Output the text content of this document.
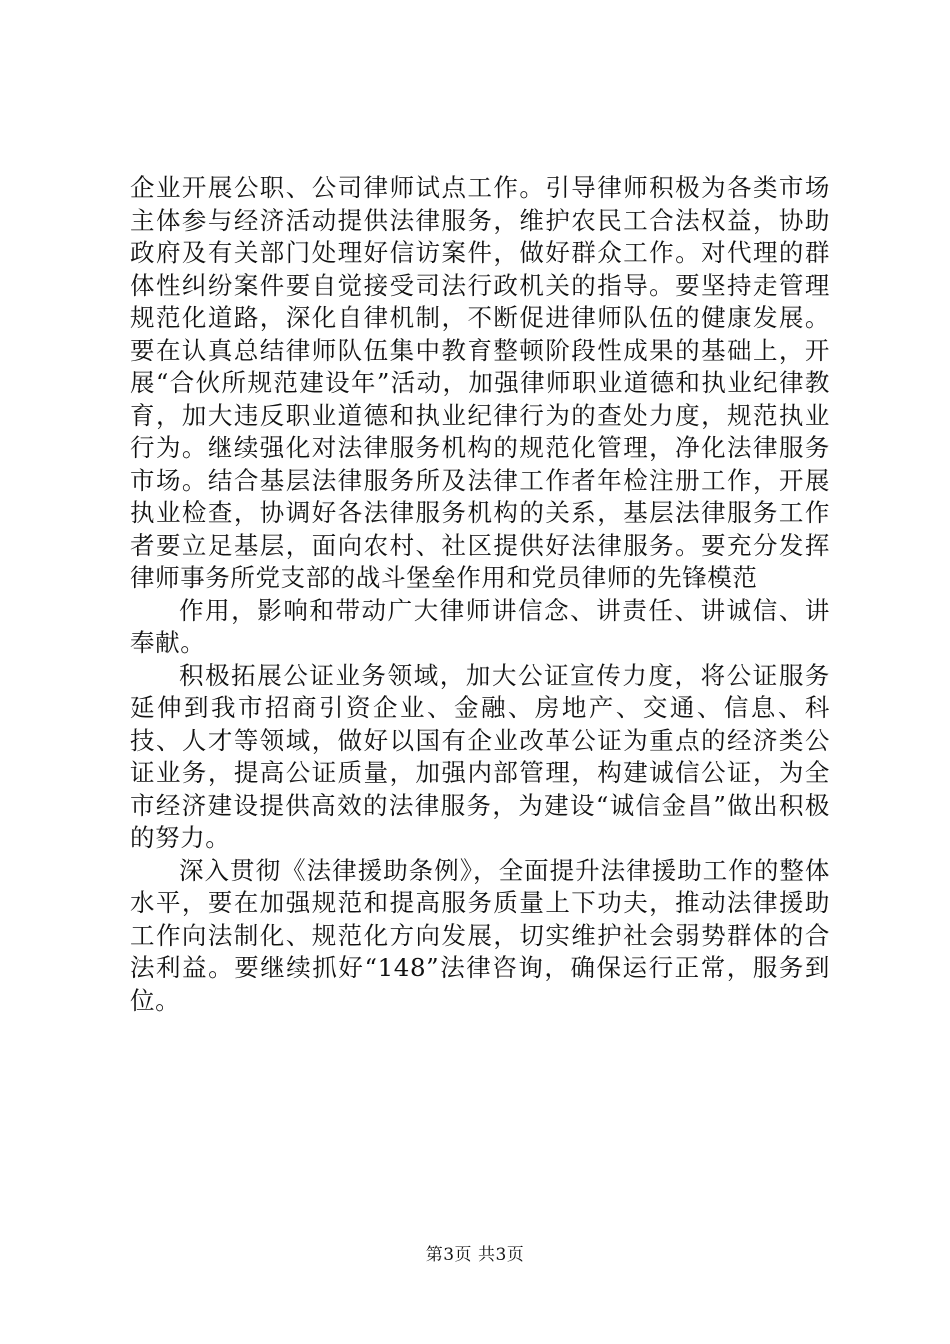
企业开展公职、公司律师试点工作。引导律师积极为各类市场主体参与经济活动提供法律服务，维护农民工合法权益，协助政府及有关部门处理好信访案件，做好群众工作。对代理的群体性纠纷案件要自觉接受司法行政机关的指导。要坚持走管理规范化道路，深化自律机制，不断促进律师队伍的健康发展。要在认真总结律师队伍集中教育整顿阶段性成果的基础上，开展“合伙所规范建设年”活动，加强律师职业道德和执业纪律教育，加大违反职业道德和执业纪律行为的查处力度，规范执业行为。继续强化对法律服务机构的规范化管理，净化法律服务市场。结合基层法律服务所及法律工作者年检注册工作，开展执业检查，协调好各法律服务机构的关系，基层法律服务工作者要立足基层，面向农村、社区提供好法律服务。要充分发挥律师事务所党支部的战斗堡垒作用和党员律师的先锋模范

作用，影响和带动广大律师讲信念、讲责任、讲诚信、讲奉献。

积极拓展公证业务领域，加大公证宣传力度，将公证服务延伸到我市招商引资企业、金融、房地产、交通、信息、科技、人才等领域，做好以国有企业改革公证为重点的经济类公证业务，提高公证质量，加强内部管理，构建诚信公证，为全市经济建设提供高效的法律服务，为建设“诚信金昌”做出积极的努力。

深入贯彻《法律援助条例》，全面提升法律援助工作的整体水平，要在加强规范和提高服务质量上下功夫，推动法律援助工作向法制化、规范化方向发展，切实维护社会弱势群体的合法利益。要继续抓好“148”法律咨询，确保运行正常，服务到位。

第3页 共3页
